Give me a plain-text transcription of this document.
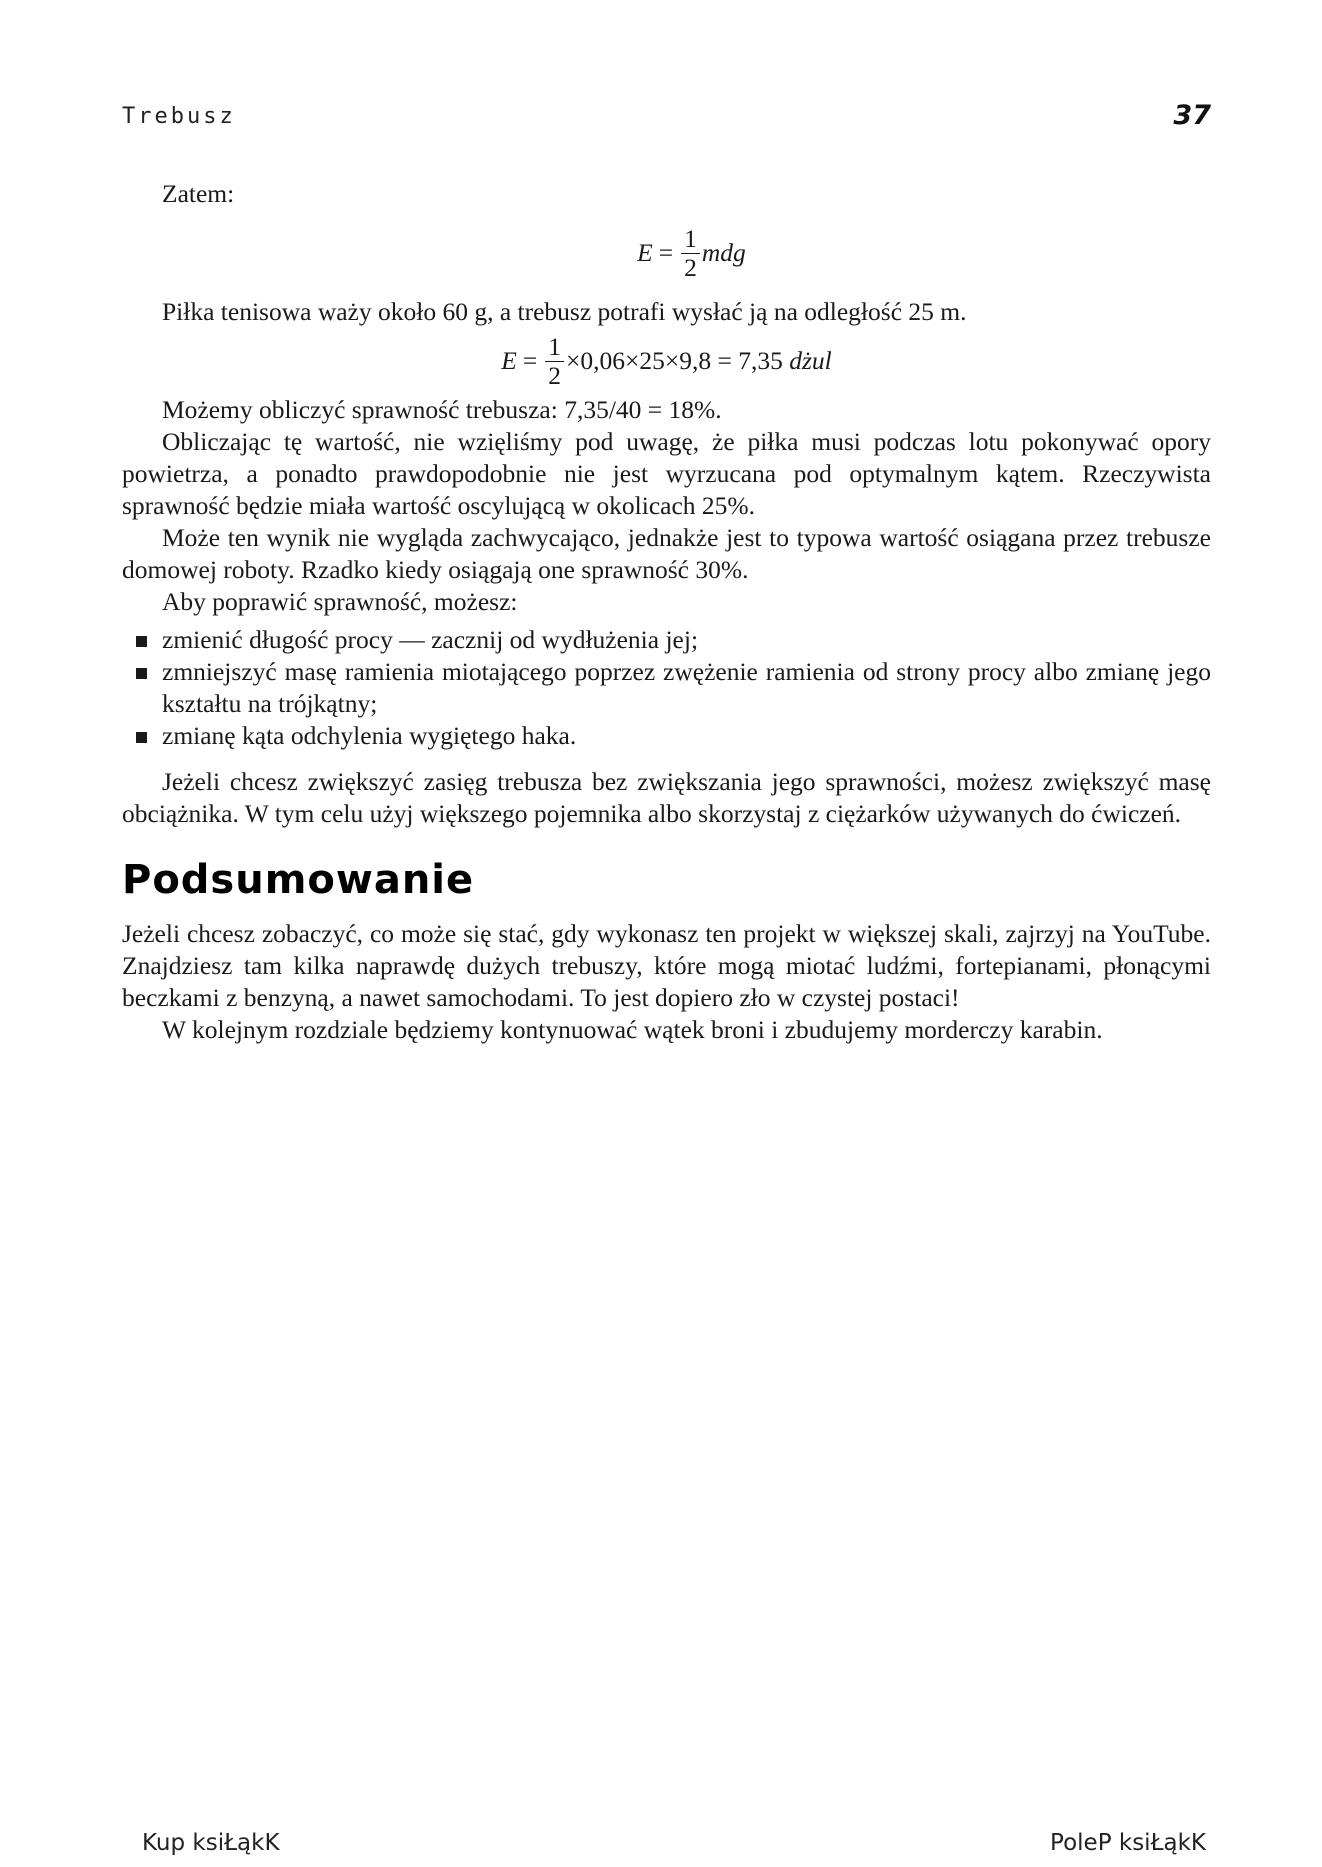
Trebusz	37

Zatem:

$E = \frac{1}{2}$ mdg

Piłka tenisowa waży około 60 g, a trebusz potrafi wysłać ją na odległość 25 m.

$E = \frac{1}{2} \times 0,06\times 25\times 9,8 = 7,35$
dżul

Możemy obliczyć sprawność trebusza: 7,35/40 = 18%.

Obliczając tę wartość, nie wzięliśmy pod uwagę, że piłka musi podczas lotu pokonywać opory powietrza, a ponadto prawdopodobnie nie jest wyrzucana pod optymalnym kątem. Rzeczywista sprawność będzie miała wartość oscylującą w okolicach 25%.

Może ten wynik nie wygląda zachwycająco, jednakże jest to typowa wartość osiągana przez trebusze domowej roboty. Rzadko kiedy osiągają one sprawność 30%.

Aby poprawić sprawność, możesz:

zmienić długość procy — zacznij od wydłużenia jej;
zmniejszyć masę ramienia miotającego poprzez zwężenie ramienia od strony procy albo zmianę jego kształtu na trójkątny;
zmianę kąta odchylenia wygiętego haka.

Jeżeli chcesz zwiększyć zasięg trebusza bez zwiększania jego sprawności, możesz zwiększyć masę obciążnika. W tym celu użyj większego pojemnika albo skorzystaj z ciężarków używanych do ćwiczeń.

Podsumowanie

Jeżeli chcesz zobaczyć, co może się stać, gdy wykonasz ten projekt w większej skali, zajrzyj na YouTube. Znajdziesz tam kilka naprawdę dużych trebuszy, które mogą miotać ludźmi, fortepianami, płonącymi beczkami z benzyną, a nawet samochodami. To jest dopiero zło w czystej postaci!

W kolejnym rozdziale będziemy kontynuować wątek broni i zbudujemy morderczy karabin.

Kup ksiŁąkK	PoleP ksiŁąkK
